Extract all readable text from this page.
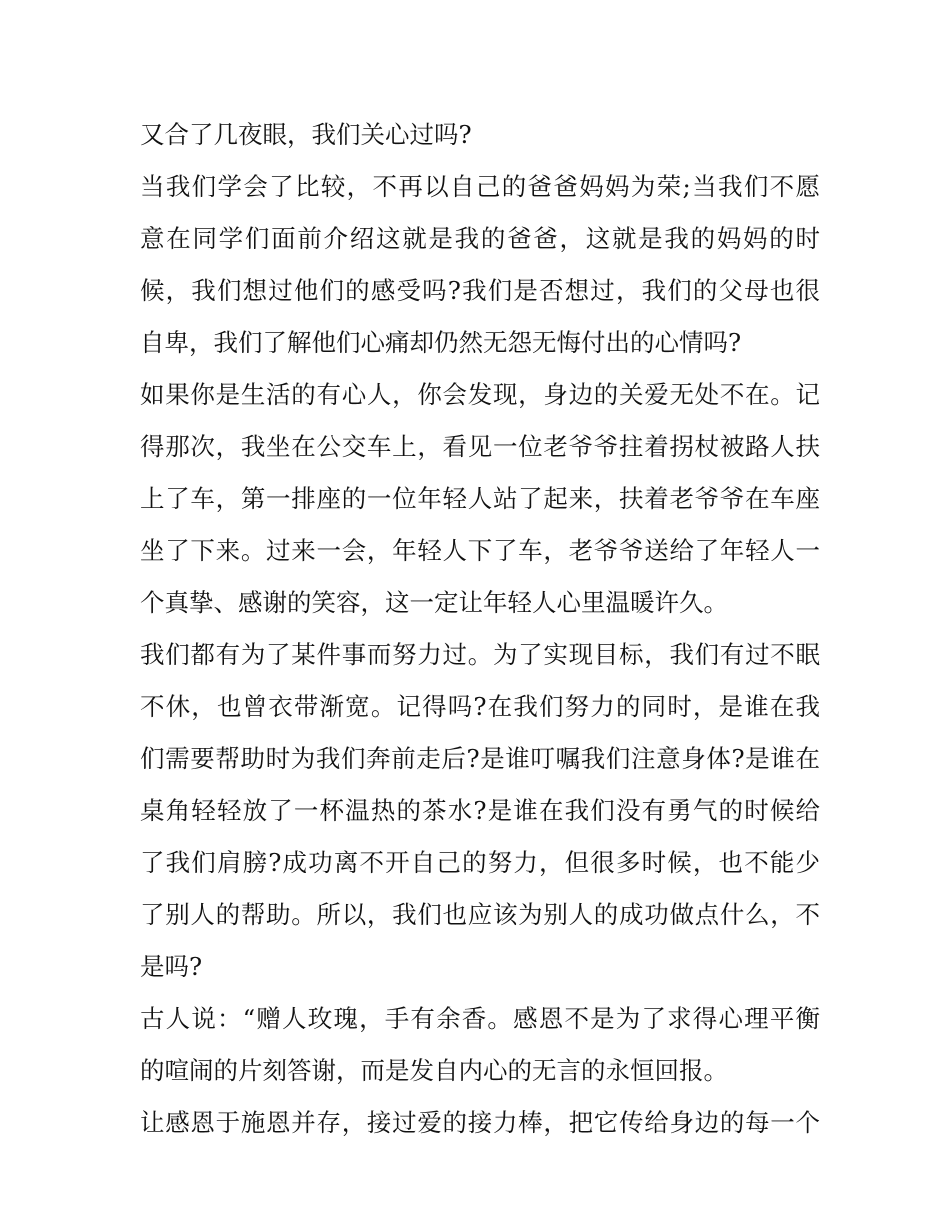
又合了几夜眼，我们关心过吗?
当我们学会了比较，不再以自己的爸爸妈妈为荣;当我们不愿
意在同学们面前介绍这就是我的爸爸，这就是我的妈妈的时
候，我们想过他们的感受吗?我们是否想过，我们的父母也很
自卑，我们了解他们心痛却仍然无怨无悔付出的心情吗?
如果你是生活的有心人，你会发现，身边的关爱无处不在。记
得那次，我坐在公交车上，看见一位老爷爷拄着拐杖被路人扶
上了车，第一排座的一位年轻人站了起来，扶着老爷爷在车座
坐了下来。过来一会，年轻人下了车，老爷爷送给了年轻人一
个真挚、感谢的笑容，这一定让年轻人心里温暖许久。
我们都有为了某件事而努力过。为了实现目标，我们有过不眠
不休，也曾衣带渐宽。记得吗?在我们努力的同时，是谁在我
们需要帮助时为我们奔前走后?是谁叮嘱我们注意身体?是谁在
桌角轻轻放了一杯温热的茶水?是谁在我们没有勇气的时候给
了我们肩膀?成功离不开自己的努力，但很多时候，也不能少
了别人的帮助。所以，我们也应该为别人的成功做点什么，不
是吗?
古人说：“赠人玫瑰，手有余香。感恩不是为了求得心理平衡
的喧闹的片刻答谢，而是发自内心的无言的永恒回报。
让感恩于施恩并存，接过爱的接力棒，把它传给身边的每一个
